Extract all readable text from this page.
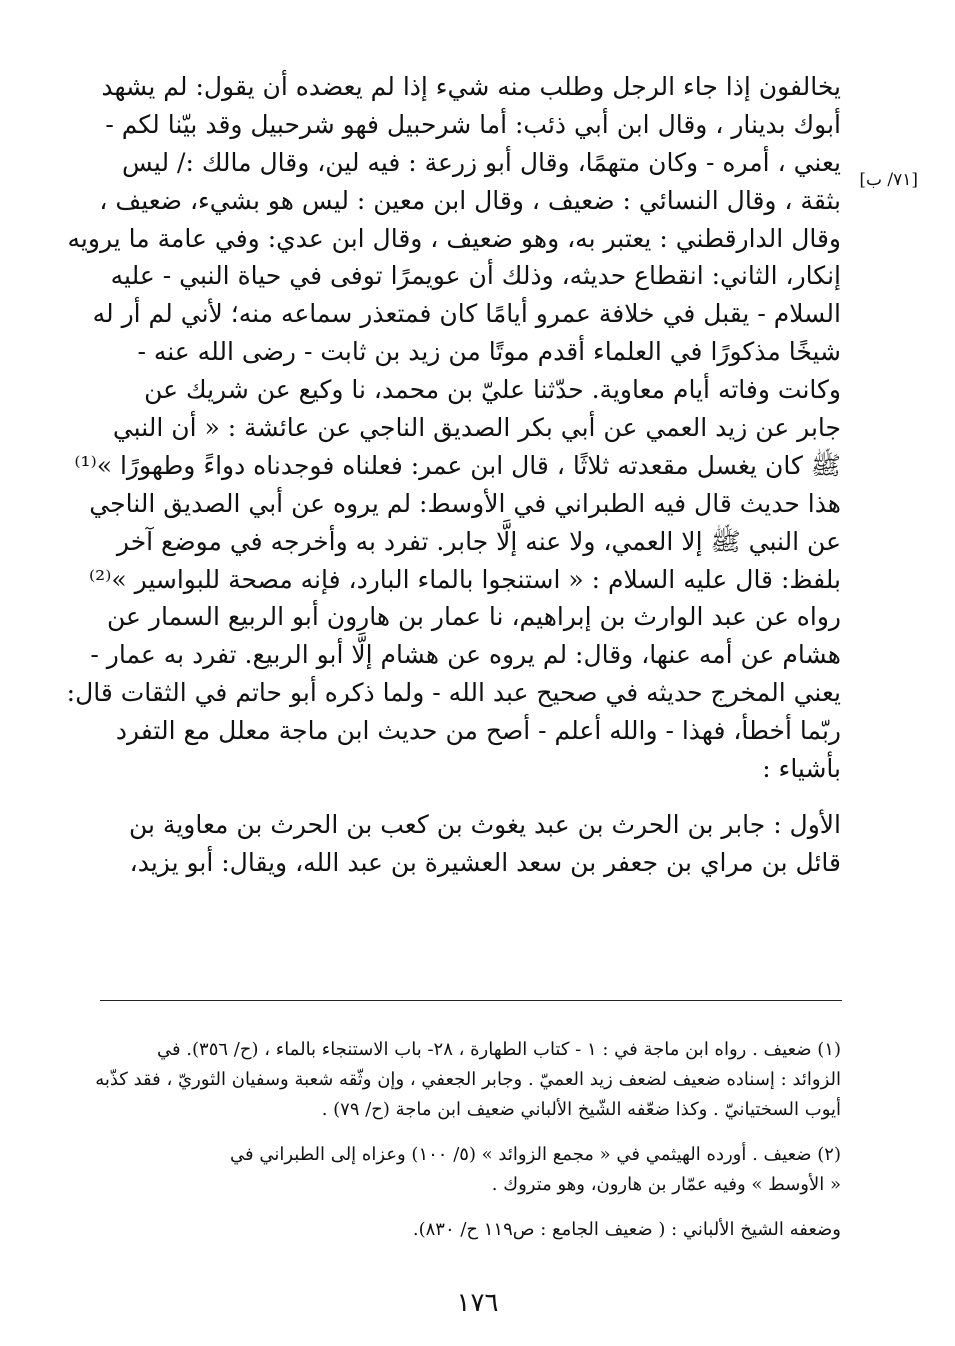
[٧١/ ب]
يخالفون إذا جاء الرجل وطلب منه شيء إذا لم يعضده أن يقول: لم يشهد
أبوك بدينار ، وقال ابن أبي ذئب: أما شرحبيل فهو شرحبيل وقد بيّنا لكم -
يعني ، أمره - وكان متهمًا، وقال أبو زرعة : فيه لين، وقال مالك :/ ليس
بثقة ، وقال النسائي : ضعيف ، وقال ابن معين : ليس هو بشيء، ضعيف ،
وقال الدارقطني : يعتبر به، وهو ضعيف ، وقال ابن عدي: وفي عامة ما يرويه
إنكار، الثاني: انقطاع حديثه، وذلك أن عويمرًا توفى في حياة النبي - عليه
السلام - يقبل في خلافة عمرو أيامًا كان فمتعذر سماعه منه؛ لأني لم أر له
شيخًا مذكورًا في العلماء أقدم موتًا من زيد بن ثابت - رضى الله عنه -
وكانت وفاته أيام معاوية. حدّثنا عليّ بن محمد، نا وكيع عن شريك عن
جابر عن زيد العمي عن أبي بكر الصديق الناجي عن عائشة : « أن النبي
ﷺ كان يغسل مقعدته ثلاثًا ، قال ابن عمر: فعلناه فوجدناه دواءً وطهورًا »⁽¹⁾
هذا حديث قال فيه الطبراني في الأوسط: لم يروه عن أبي الصديق الناجي
عن النبي ﷺ إلا العمي، ولا عنه إلَّا جابر. تفرد به وأخرجه في موضع آخر
بلفظ: قال عليه السلام : « استنجوا بالماء البارد، فإنه مصحة للبواسير »⁽²⁾
رواه عن عبد الوارث بن إبراهيم، نا عمار بن هارون أبو الربيع السمار عن
هشام عن أمه عنها، وقال: لم يروه عن هشام إلَّا أبو الربيع. تفرد به عمار -
يعني المخرج حديثه في صحيح عبد الله - ولما ذكره أبو حاتم في الثقات قال:
ربّما أخطأ، فهذا - والله أعلم - أصح من حديث ابن ماجة معلل مع التفرد
بأشياء :
الأول : جابر بن الحرث بن عبد يغوث بن كعب بن الحرث بن معاوية بن
قائل بن مراي بن جعفر بن سعد العشيرة بن عبد الله، ويقال: أبو يزيد،
(١) ضعيف . رواه ابن ماجة في : ١ - كتاب الطهارة ، ٢٨- باب الاستنجاء بالماء ، (ح/ ٣٥٦). في
الزوائد : إسناده ضعيف لضعف زيد العميّ . وجابر الجعفي ، وإن وثّقه شعبة وسفيان الثوريّ ، فقد كذّبه
أيوب السختيانيّ . وكذا ضعّفه الشّيخ الألباني ضعيف ابن ماجة (ح/ ٧٩) .
(٢) ضعيف . أورده الهيثمي في « مجمع الزوائد » (٥/ ١٠٠) وعزاه إلى الطبراني في
« الأوسط » وفيه عمّار بن هارون، وهو متروك .
وضعفه الشيخ الألباني : ( ضعيف الجامع : ص١١٩ ح/ ٨٣٠).
١٧٦
